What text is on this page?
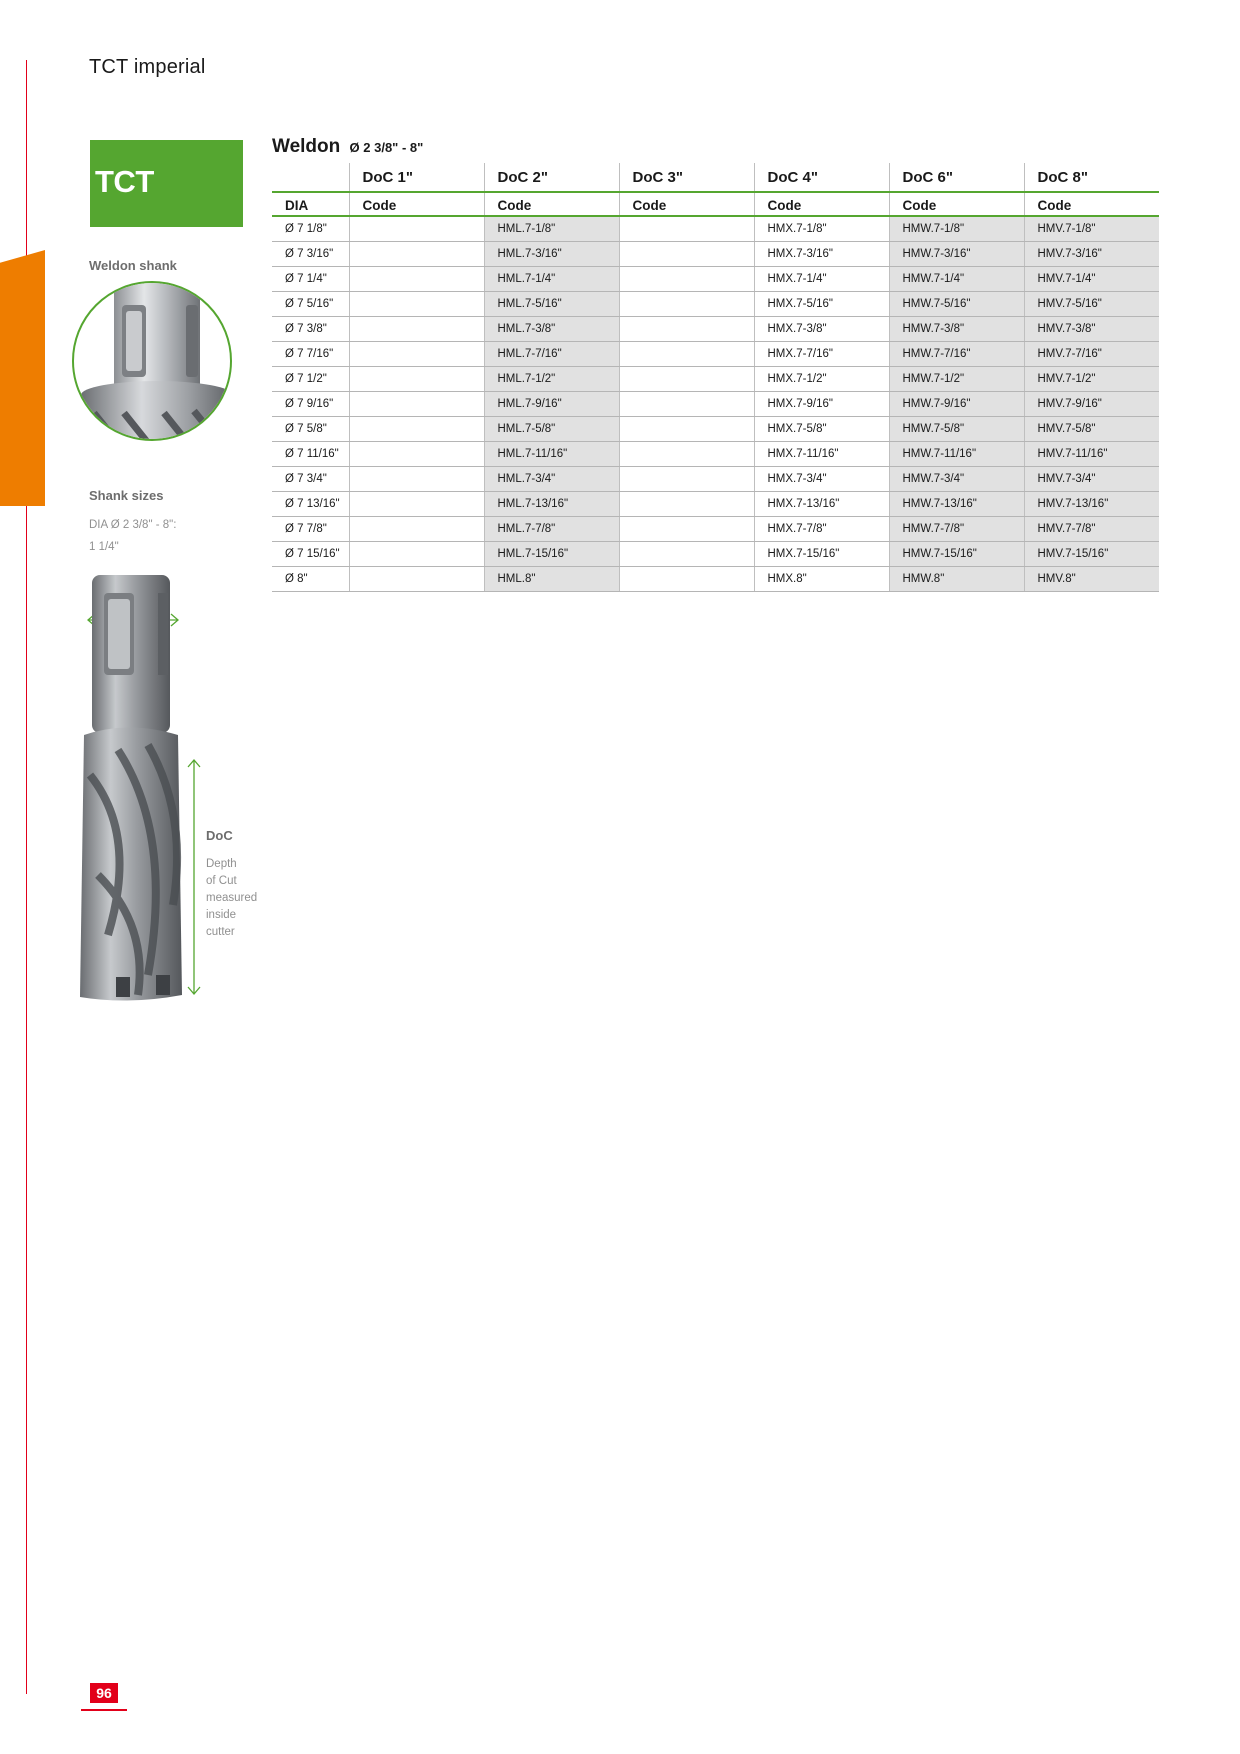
TCT imperial
TCT
Weldon shank
Shank sizes
DIA Ø 2 3/8" - 8":
1 1/4"
DoC
Depth
of Cut
measured
inside
cutter
Weldon Ø 2 3/8" - 8"
	DoC 1"	DoC 2"	DoC 3"	DoC 4"	DoC 6"	DoC 8"
DIA	Code	Code	Code	Code	Code	Code
Ø 7 1/8"		HML.7-1/8"		HMX.7-1/8"	HMW.7-1/8"	HMV.7-1/8"
Ø 7 3/16"		HML.7-3/16"		HMX.7-3/16"	HMW.7-3/16"	HMV.7-3/16"
Ø 7 1/4"		HML.7-1/4"		HMX.7-1/4"	HMW.7-1/4"	HMV.7-1/4"
Ø 7 5/16"		HML.7-5/16"		HMX.7-5/16"	HMW.7-5/16"	HMV.7-5/16"
Ø 7 3/8"		HML.7-3/8"		HMX.7-3/8"	HMW.7-3/8"	HMV.7-3/8"
Ø 7 7/16"		HML.7-7/16"		HMX.7-7/16"	HMW.7-7/16"	HMV.7-7/16"
Ø 7 1/2"		HML.7-1/2"		HMX.7-1/2"	HMW.7-1/2"	HMV.7-1/2"
Ø 7 9/16"		HML.7-9/16"		HMX.7-9/16"	HMW.7-9/16"	HMV.7-9/16"
Ø 7 5/8"		HML.7-5/8"		HMX.7-5/8"	HMW.7-5/8"	HMV.7-5/8"
Ø 7 11/16"		HML.7-11/16"		HMX.7-11/16"	HMW.7-11/16"	HMV.7-11/16"
Ø 7 3/4"		HML.7-3/4"		HMX.7-3/4"	HMW.7-3/4"	HMV.7-3/4"
Ø 7 13/16"		HML.7-13/16"		HMX.7-13/16"	HMW.7-13/16"	HMV.7-13/16"
Ø 7 7/8"		HML.7-7/8"		HMX.7-7/8"	HMW.7-7/8"	HMV.7-7/8"
Ø 7 15/16"		HML.7-15/16"		HMX.7-15/16"	HMW.7-15/16"	HMV.7-15/16"
Ø 8"		HML.8"		HMX.8"	HMW.8"	HMV.8"
96
